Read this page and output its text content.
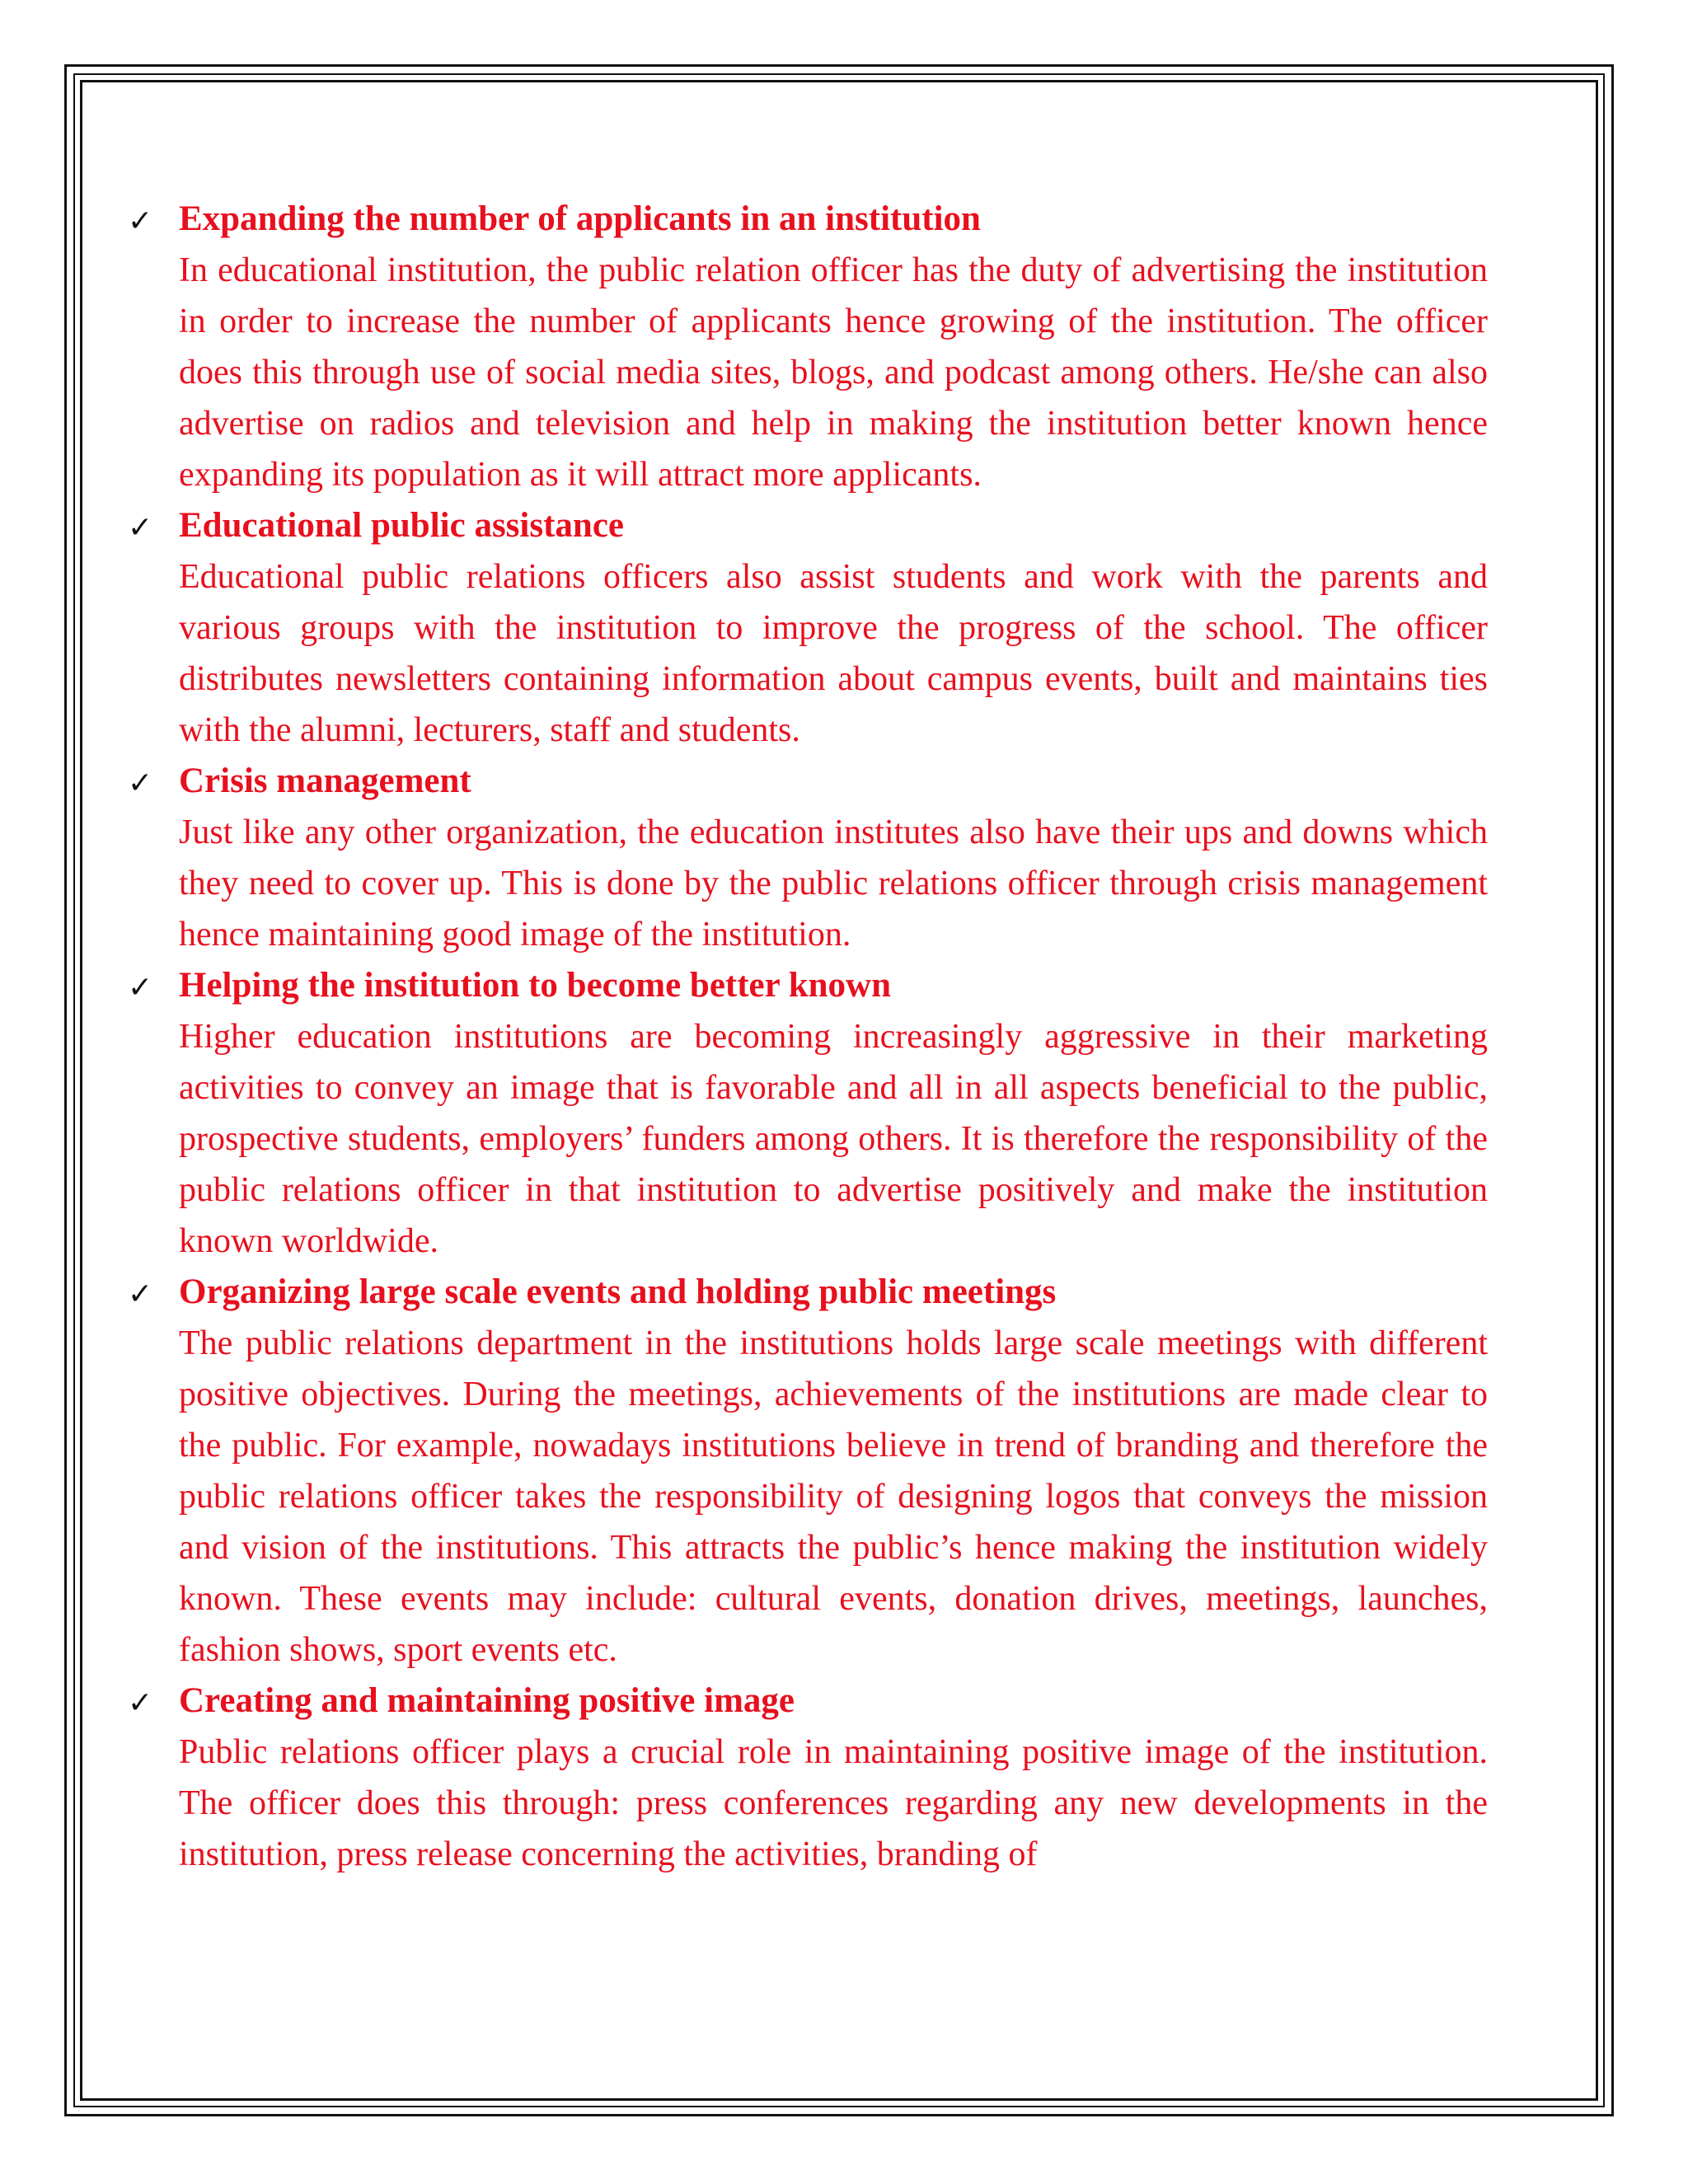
✓ Expanding the number of applicants in an institution
In educational institution, the public relation officer has the duty of advertising the institution in order to increase the number of applicants hence growing of the institution. The officer does this through use of social media sites, blogs, and podcast among others. He/she can also advertise on radios and television and help in making the institution better known hence expanding its population as it will attract more applicants.
✓ Educational public assistance
Educational public relations officers also assist students and work with the parents and various groups with the institution to improve the progress of the school. The officer distributes newsletters containing information about campus events, built and maintains ties with the alumni, lecturers, staff and students.
✓ Crisis management
Just like any other organization, the education institutes also have their ups and downs which they need to cover up. This is done by the public relations officer through crisis management hence maintaining good image of the institution.
✓ Helping the institution to become better known
Higher education institutions are becoming increasingly aggressive in their marketing activities to convey an image that is favorable and all in all aspects beneficial to the public, prospective students, employers’ funders among others. It is therefore the responsibility of the public relations officer in that institution to advertise positively and make the institution known worldwide.
✓ Organizing large scale events and holding public meetings
The public relations department in the institutions holds large scale meetings with different positive objectives. During the meetings, achievements of the institutions are made clear to the public. For example, nowadays institutions believe in trend of branding and therefore the public relations officer takes the responsibility of designing logos that conveys the mission and vision of the institutions. This attracts the public’s hence making the institution widely known. These events may include: cultural events, donation drives, meetings, launches, fashion shows, sport events etc.
✓ Creating and maintaining positive image
Public relations officer plays a crucial role in maintaining positive image of the institution. The officer does this through: press conferences regarding any new developments in the institution, press release concerning the activities, branding of
